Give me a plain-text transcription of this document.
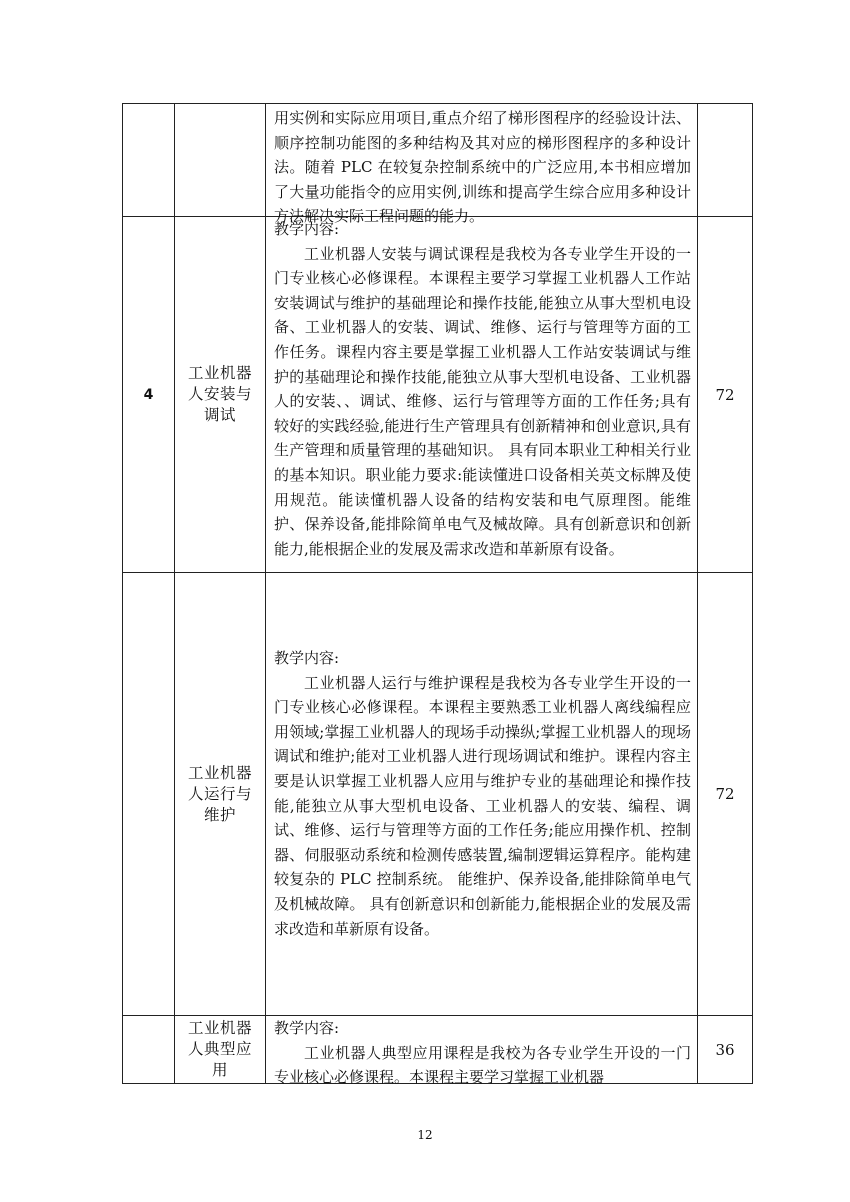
用实例和实际应用项目,重点介绍了梯形图程序的经验设计法、顺序控制功能图的多种结构及其对应的梯形图程序的多种设计法。随着 PLC 在较复杂控制系统中的广泛应用,本书相应增加了大量功能指令的应用实例,训练和提高学生综合应用多种设计方法解决实际工程问题的能力。
4
工业机器人安装与调试
教学内容:
工业机器人安装与调试课程是我校为各专业学生开设的一门专业核心必修课程。本课程主要学习掌握工业机器人工作站安装调试与维护的基础理论和操作技能,能独立从事大型机电设备、工业机器人的安装、调试、维修、运行与管理等方面的工作任务。课程内容主要是掌握工业机器人工作站安装调试与维护的基础理论和操作技能,能独立从事大型机电设备、工业机器人的安装、、调试、维修、运行与管理等方面的工作任务;具有较好的实践经验,能进行生产管理具有创新精神和创业意识,具有生产管理和质量管理的基础知识。 具有同本职业工种相关行业的基本知识。职业能力要求:能读懂进口设备相关英文标牌及使用规范。能读懂机器人设备的结构安装和电气原理图。能维护、保养设备,能排除简单电气及械故障。具有创新意识和创新能力,能根据企业的发展及需求改造和革新原有设备。
72
工业机器人运行与维护
教学内容:
工业机器人运行与维护课程是我校为各专业学生开设的一门专业核心必修课程。本课程主要熟悉工业机器人离线编程应用领域;掌握工业机器人的现场手动操纵;掌握工业机器人的现场调试和维护;能对工业机器人进行现场调试和维护。课程内容主要是认识掌握工业机器人应用与维护专业的基础理论和操作技能,能独立从事大型机电设备、工业机器人的安装、编程、调试、维修、运行与管理等方面的工作任务;能应用操作机、控制器、伺服驱动系统和检测传感装置,编制逻辑运算程序。能构建较复杂的 PLC 控制系统。 能维护、保养设备,能排除简单电气及机械故障。 具有创新意识和创新能力,能根据企业的发展及需求改造和革新原有设备。
72
工业机器人典型应用
教学内容:
工业机器人典型应用课程是我校为各专业学生开设的一门专业核心必修课程。本课程主要学习掌握工业机器
36
12
